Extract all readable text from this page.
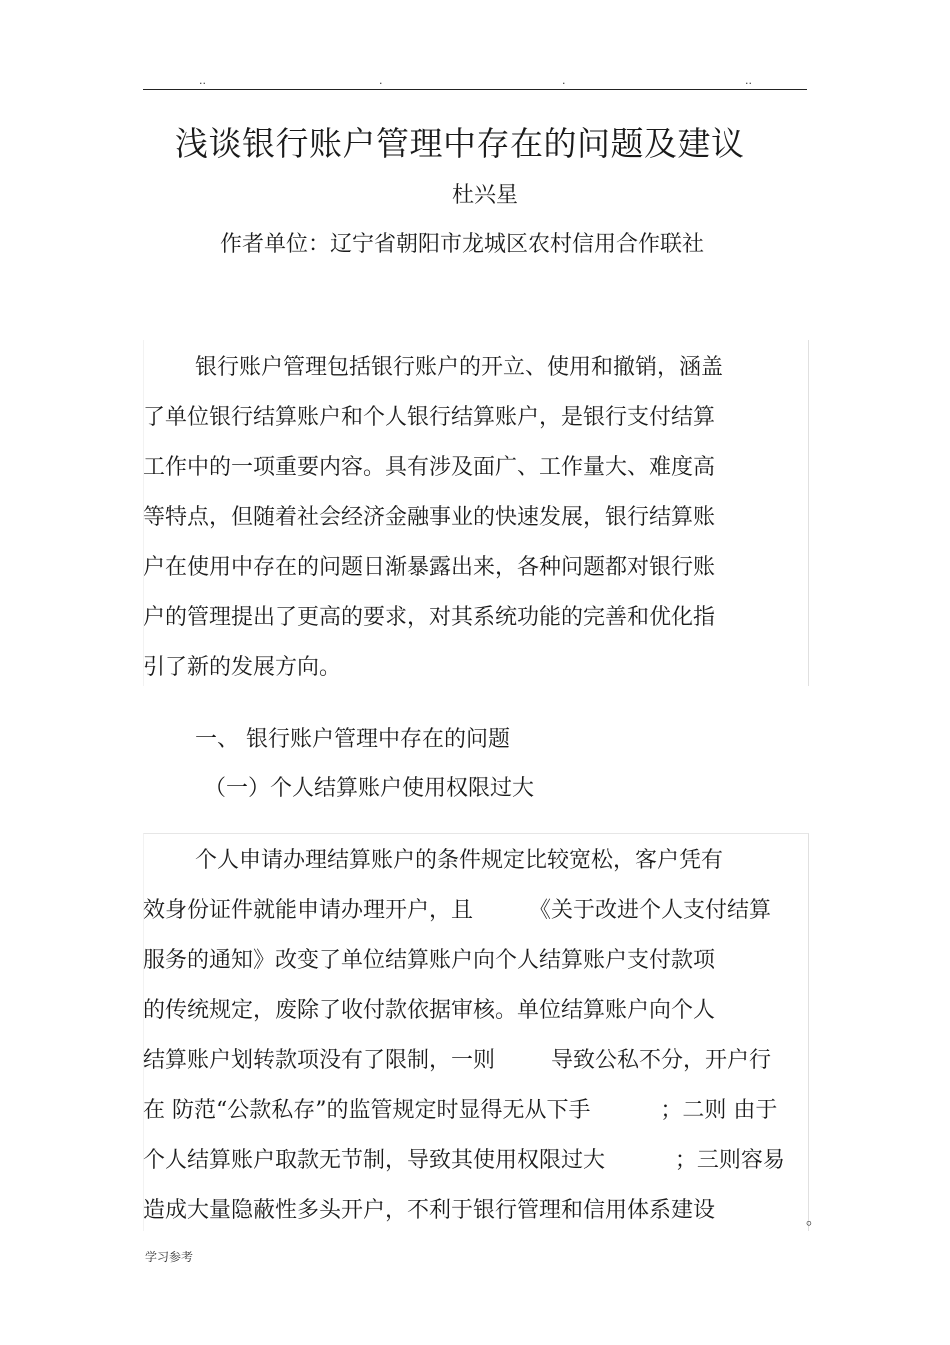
..	.	.	..
浅谈银行账户管理中存在的问题及建议
杜兴星
作者单位：辽宁省朝阳市龙城区农村信用合作联社
银行账户管理包括银行账户的开立、使用和撤销，涵盖
了单位银行结算账户和个人银行结算账户，是银行支付结算
工作中的一项重要内容。具有涉及面广、工作量大、难度高
等特点，但随着社会经济金融事业的快速发展，银行结算账
户在使用中存在的问题日渐暴露出来，各种问题都对银行账
户的管理提出了更高的要求，对其系统功能的完善和优化指
引了新的发展方向。
一、 银行账户管理中存在的问题
（一）个人结算账户使用权限过大
个人申请办理结算账户的条件规定比较宽松，客户凭有
效身份证件就能申请办理开户，且        《关于改进个人支付结算
服务的通知》改变了单位结算账户向个人结算账户支付款项
的传统规定，废除了收付款依据审核。单位结算账户向个人
结算账户划转款项没有了限制，一则        导致公私不分，开户行
在 防范“公款私存”的监管规定时显得无从下手          ；二则 由于
个人结算账户取款无节制，导致其使用权限过大          ；三则容易
造成大量隐蔽性多头开户，不利于银行管理和信用体系建设	。
学习参考
